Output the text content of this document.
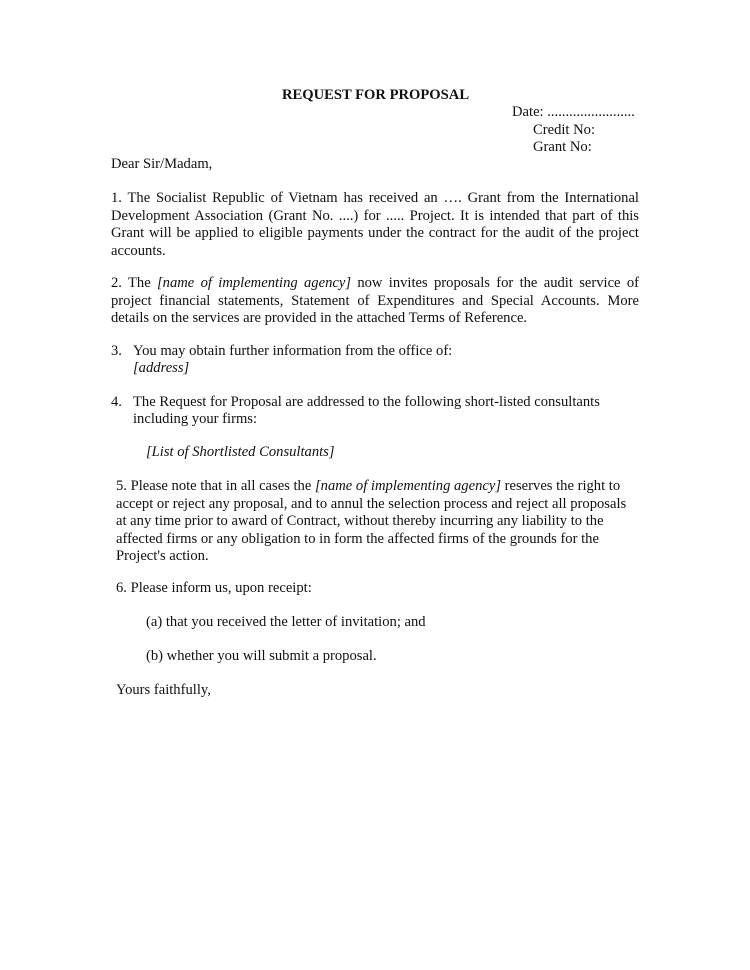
REQUEST FOR PROPOSAL
Date: ........................
Credit No:
Grant No:
Dear Sir/Madam,
1. The Socialist Republic of Vietnam has received an …. Grant from the International Development Association (Grant No. ....) for ..... Project. It is intended that part of this Grant will be applied to eligible payments under the contract for the audit of the project accounts.
2. The [name of implementing agency] now invites proposals for the audit service of project financial statements, Statement of Expenditures and Special Accounts. More details on the services are provided in the attached Terms of Reference.
3. You may obtain further information from the office of:
[address]
4. The Request for Proposal are addressed to the following short-listed consultants
including your firms:
[List of Shortlisted Consultants]
5. Please note that in all cases the [name of implementing agency] reserves the right to accept or reject any proposal, and to annul the selection process and reject all proposals at any time prior to award of Contract, without thereby incurring any liability to the affected firms or any obligation to in form the affected firms of the grounds for the Project's action.
6. Please inform us, upon receipt:
(a) that you received the letter of invitation; and
(b) whether you will submit a proposal.
Yours faithfully,
